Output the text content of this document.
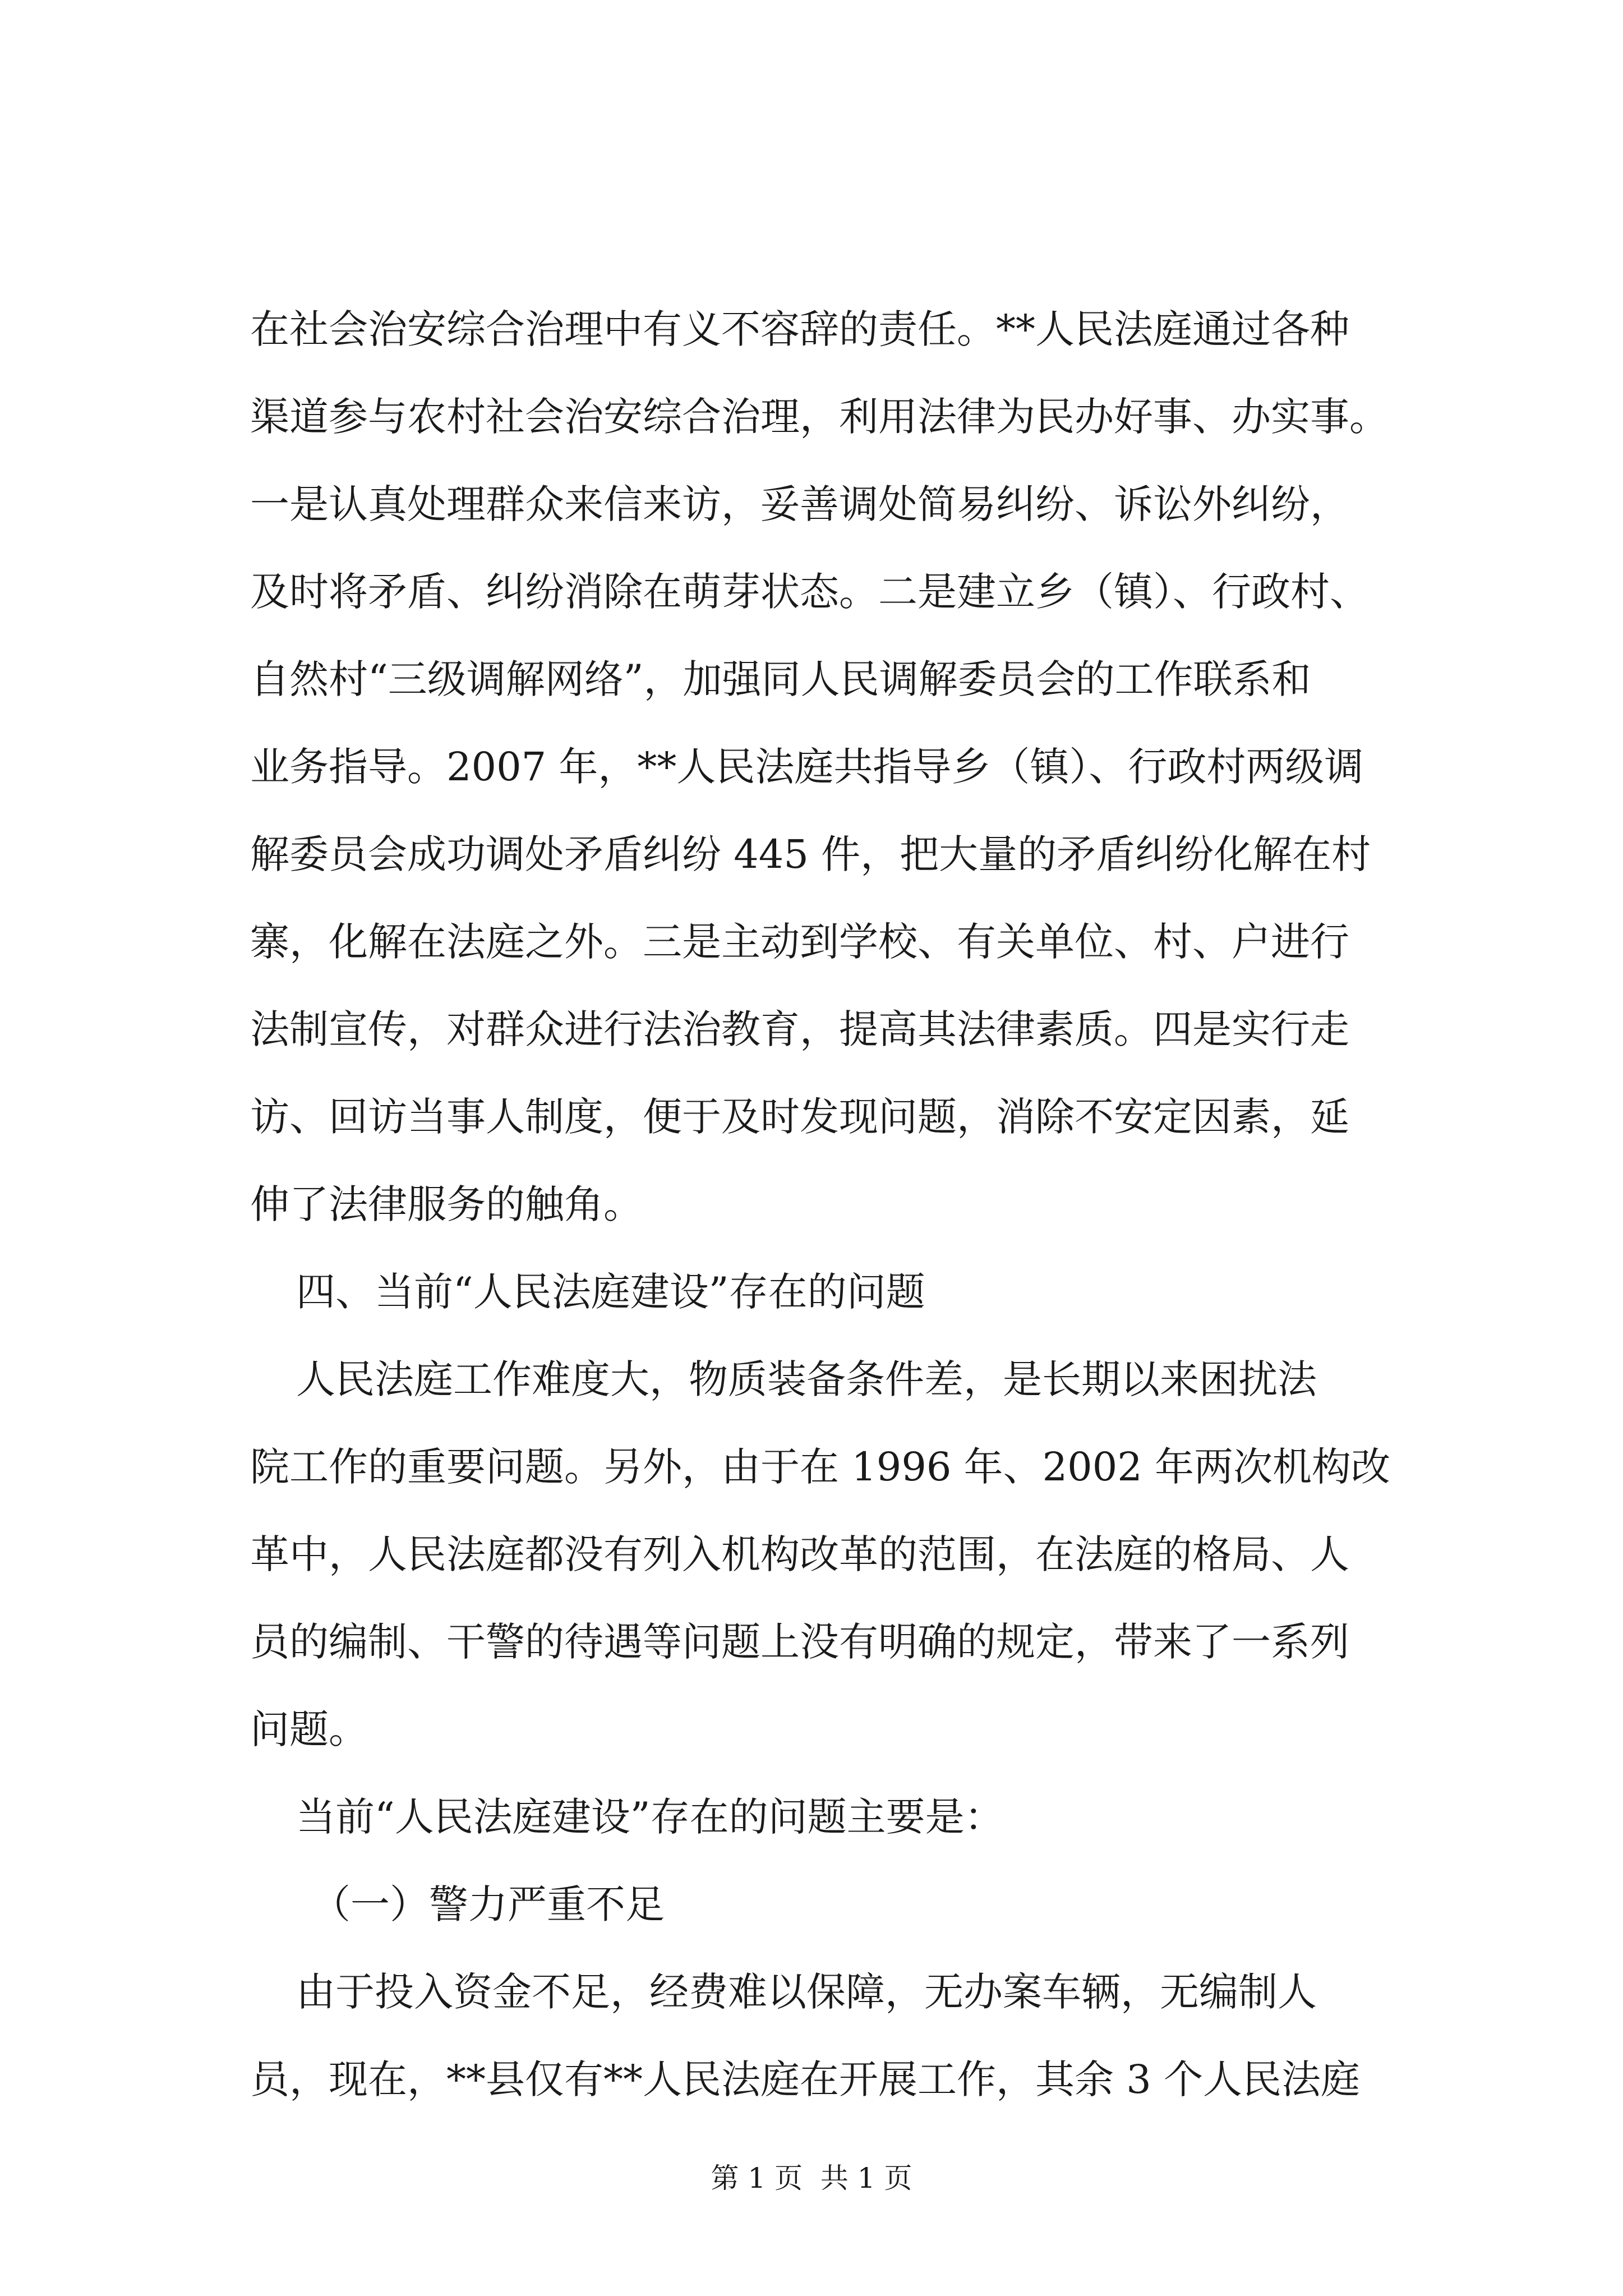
在社会治安综合治理中有义不容辞的责任。**人民法庭通过各种
渠道参与农村社会治安综合治理，利用法律为民办好事、办实事。
一是认真处理群众来信来访，妥善调处简易纠纷、诉讼外纠纷，
及时将矛盾、纠纷消除在萌芽状态。二是建立乡（镇）、行政村、
自然村“三级调解网络”，加强同人民调解委员会的工作联系和
业务指导。2007 年，**人民法庭共指导乡（镇）、行政村两级调
解委员会成功调处矛盾纠纷 445 件，把大量的矛盾纠纷化解在村
寨，化解在法庭之外。三是主动到学校、有关单位、村、户进行
法制宣传，对群众进行法治教育，提高其法律素质。四是实行走
访、回访当事人制度，便于及时发现问题，消除不安定因素，延
伸了法律服务的触角。
四、当前“人民法庭建设”存在的问题
人民法庭工作难度大，物质装备条件差，是长期以来困扰法
院工作的重要问题。另外，由于在 1996 年、2002 年两次机构改
革中，人民法庭都没有列入机构改革的范围，在法庭的格局、人
员的编制、干警的待遇等问题上没有明确的规定，带来了一系列
问题。
当前“人民法庭建设”存在的问题主要是：
（一）警力严重不足
由于投入资金不足，经费难以保障，无办案车辆，无编制人
员，现在，**县仅有**人民法庭在开展工作，其余 3 个人民法庭
第 1 页  共 1 页
